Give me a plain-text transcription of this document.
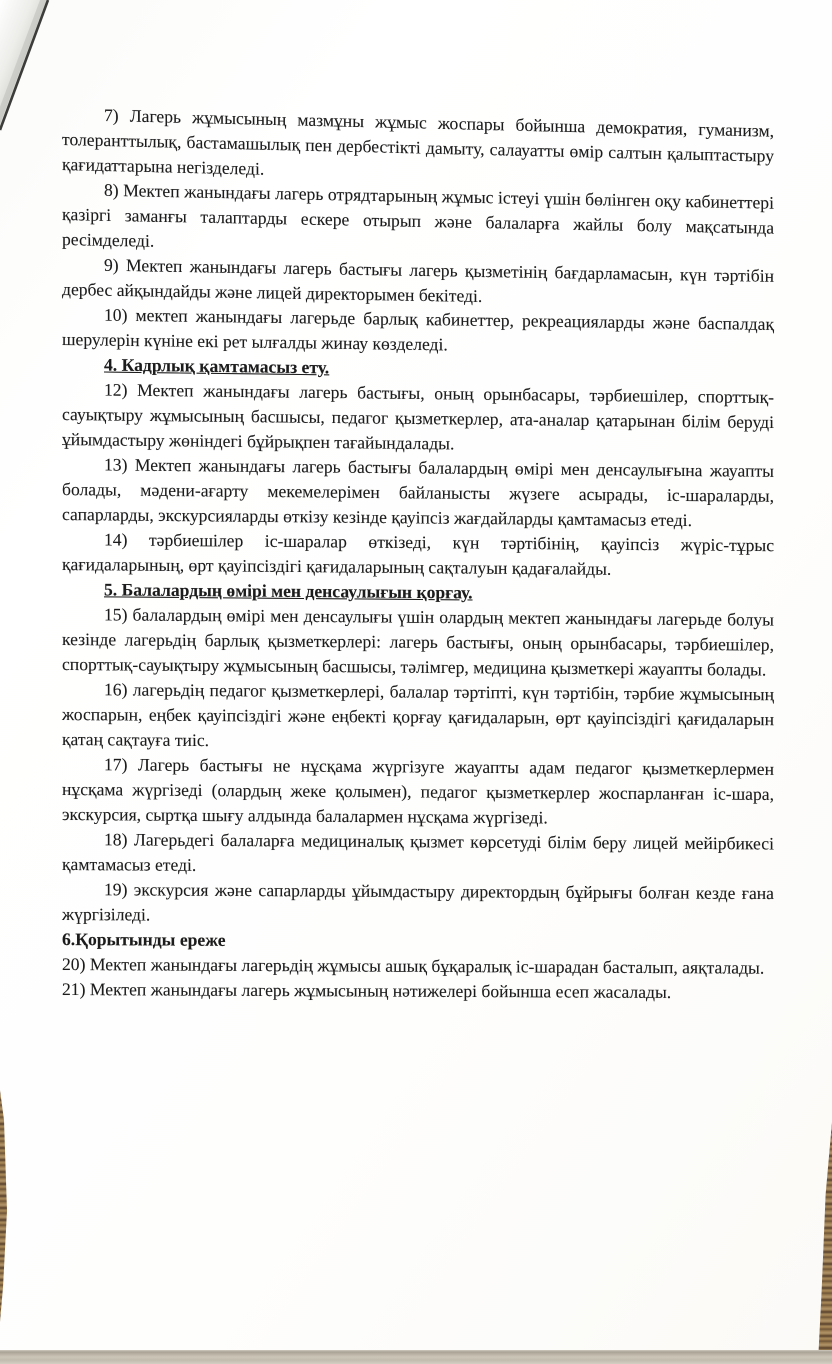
7) Лагерь жұмысының мазмұны жұмыс жоспары бойынша демократия, гуманизм, толеранттылық, бастамашылық пен дербестікті дамыту, салауатты өмір салтын қалыптастыру қағидаттарына негізделеді.

8) Мектеп жанындағы лагерь отрядтарының жұмыс істеуі үшін бөлінген оқу кабинеттері қазіргі заманғы талаптарды ескере отырып және балаларға жайлы болу мақсатында ресімделеді.

9) Мектеп жанындағы лагерь бастығы лагерь қызметінің бағдарламасын, күн тәртібін дербес айқындайды және лицей директорымен бекітеді.

10) мектеп жанындағы лагерьде барлық кабинеттер, рекреацияларды және баспалдақ шерулерін күніне екі рет ылғалды жинау көзделеді.

4. Кадрлық қамтамасыз ету.

12) Мектеп жанындағы лагерь бастығы, оның орынбасары, тәрбиешілер, спорттық-сауықтыру жұмысының басшысы, педагог қызметкерлер, ата-аналар қатарынан білім беруді ұйымдастыру жөніндегі бұйрықпен тағайындалады.

13) Мектеп жанындағы лагерь бастығы балалардың өмірі мен денсаулығына жауапты болады, мәдени-ағарту мекемелерімен байланысты жүзеге асырады, іс-шараларды, сапарларды, экскурсияларды өткізу кезінде қауіпсіз жағдайларды қамтамасыз етеді.

14) тәрбиешілер іс-шаралар өткізеді, күн тәртібінің, қауіпсіз жүріс-тұрыс қағидаларының, өрт қауіпсіздігі қағидаларының сақталуын қадағалайды.

5. Балалардың өмірі мен денсаулығын қорғау.

15) балалардың өмірі мен денсаулығы үшін олардың мектеп жанындағы лагерьде болуы кезінде лагерьдің барлық қызметкерлері: лагерь бастығы, оның орынбасары, тәрбиешілер, спорттық-сауықтыру жұмысының басшысы, тәлімгер, медицина қызметкері жауапты болады.

16) лагерьдің педагог қызметкерлері, балалар тәртіпті, күн тәртібін, тәрбие жұмысының жоспарын, еңбек қауіпсіздігі және еңбекті қорғау қағидаларын, өрт қауіпсіздігі қағидаларын қатаң сақтауға тиіс.

17) Лагерь бастығы не нұсқама жүргізуге жауапты адам педагог қызметкерлермен нұсқама жүргізеді (олардың жеке қолымен), педагог қызметкерлер жоспарланған іс-шара, экскурсия, сыртқа шығу алдында балалармен нұсқама жүргізеді.

18) Лагерьдегі балаларға медициналық қызмет көрсетуді білім беру лицей мейірбикесі қамтамасыз етеді.

19) экскурсия және сапарларды ұйымдастыру директордың бұйрығы болған кезде ғана жүргізіледі.

6.Қорытынды ереже

20) Мектеп жанындағы лагерьдің жұмысы ашық бұқаралық іс-шарадан басталып, аяқталады.

21) Мектеп жанындағы лагерь жұмысының нәтижелері бойынша есеп жасалады.
